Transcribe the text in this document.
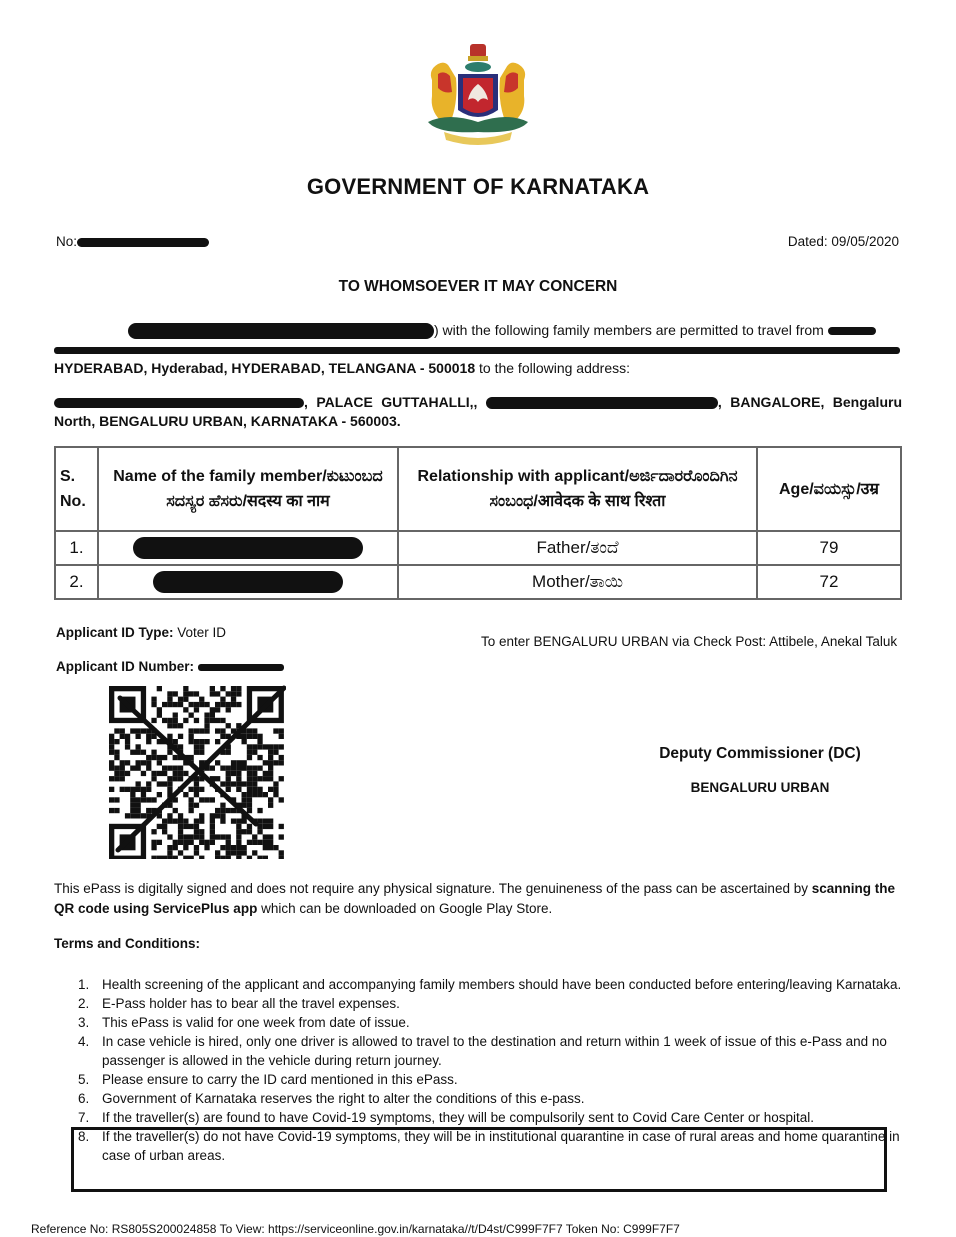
GOVERNMENT OF KARNATAKA
No:	Dated: 09/05/2020
TO WHOMSOEVER IT MAY CONCERN
) with the following family members are permitted to travel from

HYDERABAD, Hyderabad, HYDERABAD, TELANGANA - 500018 to the following address:
, PALACE GUTTAHALLI,,	, BANGALORE, Bengaluru North, BENGALURU URBAN, KARNATAKA - 560003.
S. No.	Name of the family member/ಕುಟುಂಬದ ಸದಸ್ಯರ ಹೆಸರು/सदस्य का नाम	Relationship with applicant/ಅರ್ಜಿದಾರರೊಂದಿಗಿನ ಸಂಬಂಧ/आवेदक के साथ रिश्ता	Age/ವಯಸ್ಸು/उम्र
1.		Father/ತಂದೆ	79
2.		Mother/ತಾಯಿ	72
Applicant ID Type: Voter ID
Applicant ID Number:
To enter BENGALURU URBAN via Check Post: Attibele, Anekal Taluk
Deputy Commissioner (DC)
BENGALURU URBAN
This ePass is digitally signed and does not require any physical signature. The genuineness of the pass can be ascertained by scanning the QR code using ServicePlus app which can be downloaded on Google Play Store.
Terms and Conditions:
1. Health screening of the applicant and accompanying family members should have been conducted before entering/leaving Karnataka.
2. E-Pass holder has to bear all the travel expenses.
3. This ePass is valid for one week from date of issue.
4. In case vehicle is hired, only one driver is allowed to travel to the destination and return within 1 week of issue of this e-Pass and no passenger is allowed in the vehicle during return journey.
5. Please ensure to carry the ID card mentioned in this ePass.
6. Government of Karnataka reserves the right to alter the conditions of this e-pass.
7. If the traveller(s) are found to have Covid-19 symptoms, they will be compulsorily sent to Covid Care Center or hospital.
8. If the traveller(s) do not have Covid-19 symptoms, they will be in institutional quarantine in case of rural areas and home quarantine in case of urban areas.
Reference No: RS805S200024858 To View: https://serviceonline.gov.in/karnataka//t/D4st/C999F7F7 Token No: C999F7F7
